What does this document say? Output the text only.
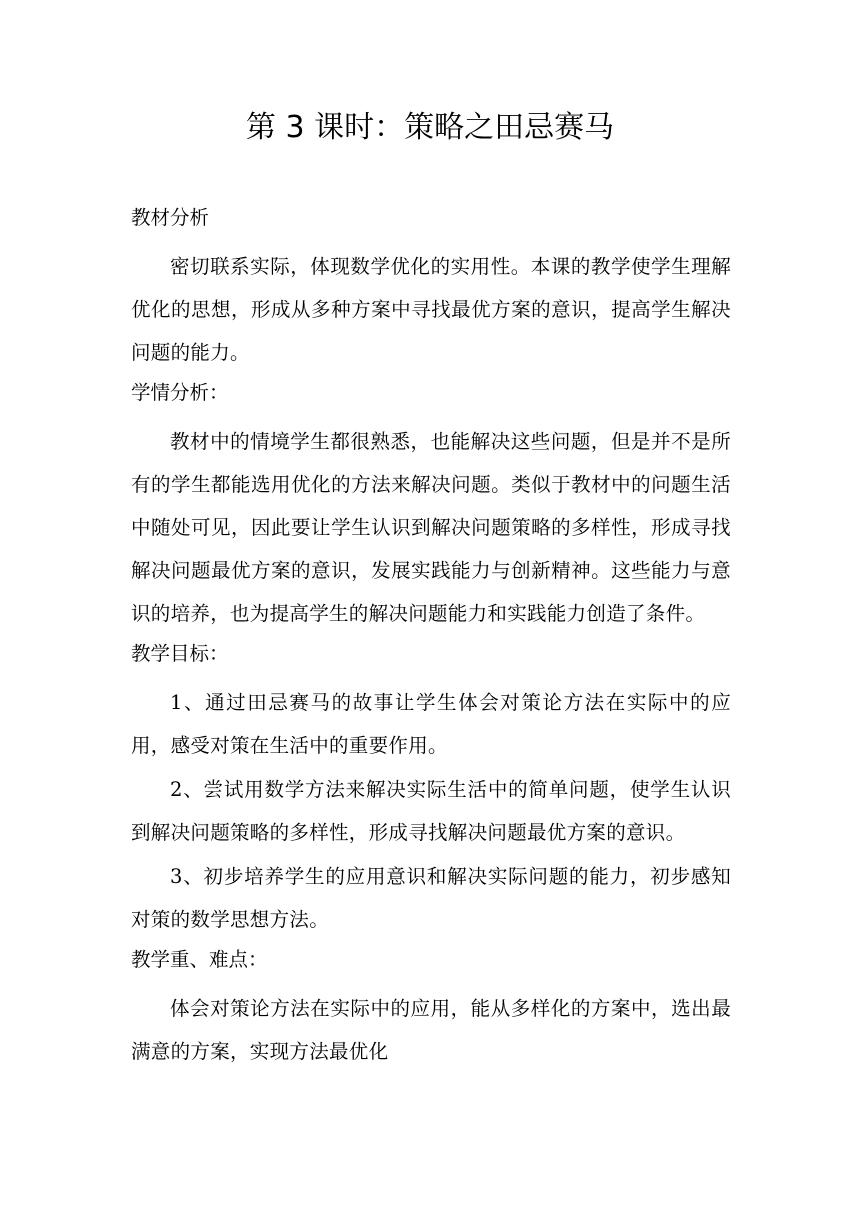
第 3 课时：策略之田忌赛马

教材分析

密切联系实际，体现数学优化的实用性。本课的教学使学生理解优化的思想，形成从多种方案中寻找最优方案的意识，提高学生解决问题的能力。

学情分析：

教材中的情境学生都很熟悉，也能解决这些问题，但是并不是所有的学生都能选用优化的方法来解决问题。类似于教材中的问题生活中随处可见，因此要让学生认识到解决问题策略的多样性，形成寻找解决问题最优方案的意识，发展实践能力与创新精神。这些能力与意识的培养，也为提高学生的解决问题能力和实践能力创造了条件。

教学目标：

1、通过田忌赛马的故事让学生体会对策论方法在实际中的应用，感受对策在生活中的重要作用。

2、尝试用数学方法来解决实际生活中的简单问题，使学生认识到解决问题策略的多样性，形成寻找解决问题最优方案的意识。

3、初步培养学生的应用意识和解决实际问题的能力，初步感知对策的数学思想方法。

教学重、难点：

体会对策论方法在实际中的应用，能从多样化的方案中，选出最满意的方案，实现方法最优化
